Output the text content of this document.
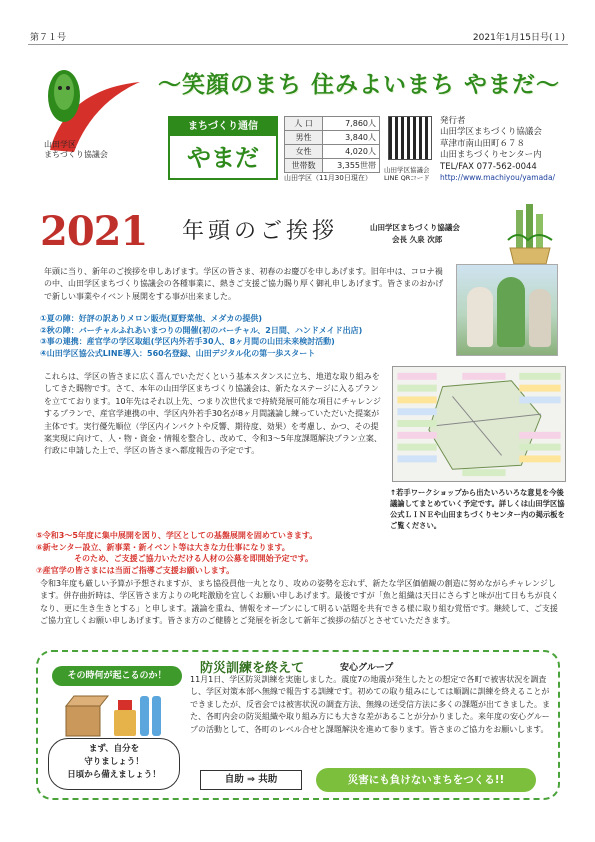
第７１号	2021年1月15日号(１)
山田学区
まちづくり協議会
～笑顔のまち 住みよいまち やまだ～
まちづくり通信
やまだ
人 口	7,860人
男性	3,840人
女性	4,020人
世帯数	3,355世帯
山田学区（11月30日現在）
山田学区協議会
LINE QRコード
発行者
山田学区まちづくり協議会
草津市南山田町６７８
山田まちづくりセンター内
TEL/FAX 077-562-0044
http://www.machiyou/yamada/
2021 年頭のご挨拶	山田学区まちづくり協議会
会長 久泉 次郎
年頭に当り、新年のご挨拶を申しあげます。学区の皆さま、初春のお慶びを申しあげます。旧年中は、コロナ禍の中、山田学区まちづくり協議会の各種事業に、熱きご支援ご協力賜り厚く御礼申しあげます。皆さまのおかげで新しい事業やイベント展開をする事が出来ました。
①夏の陣：好評の訳ありメロン販売(夏野菜他、メダカの提供)
②秋の陣：バーチャルふれあいまつりの開催(初のバーチャル、2日間、ハンドメイド出店)
③事の連携：産官学の学区取組(学区内外若手30人、8ヶ月間の山田未来検討活動)
④山田学区協公式LINE導入：560名登録、山田デジタル化の第一歩スタート
これらは、学区の皆さまに広く喜んでいただくという基本スタンスに立ち、地道な取り組みをしてきた賜物です。さて、本年の山田学区まちづくり協議会は、新たなステージに入るプランを立てております。10年先はそれ以上先、つまり次世代まで持続発展可能な項目にチャレンジするプランで、産官学連携の中、学区内外若手30名が8ヶ月間議論し練っていただいた提案が主体です。実行優先順位（学区内インパクトや反響、期待度、効果）を考慮し、かつ、その提案実現に向けて、人・物・資金・情報を整合し、改めて、令和3～5年度課題解決プラン立案、行政に申請した上で、学区の皆さまへ都度報告の予定です。
↑若手ワークショップから出たいろいろな意見を今後議論してまとめていく予定です。詳しくは山田学区協公式ＬＩＮＥや山田まちづくりセンター内の掲示板をご覧ください。
⑤令和3～5年度に集中展開を図り、学区としての基盤展開を固めていきます。
⑥新センター設立、新事業・新イベント等は大きな力仕事になります。
そのため、ご支援ご協力いただける人材の公募を即開始予定です。
⑦産官学の皆さまには当面ご指導ご支援お願いします。
令和3年度も厳しい予算が予想されますが、まち協役員他一丸となり、攻めの姿勢を忘れず、新たな学区価値観の創造に努めながらチャレンジします。併存曲折時は、学区皆さま方よりの叱咤激励を宜しくお願い申しあげます。最後ですが「魚と組織は天日にさらすと味が出て日もちが良くなり、更に生き生きとする」と申します。議論を重ね、情報をオープンにして明るい話題を共有できる様に取り組む覚悟です。継続して、ご支援ご協力宜しくお願い申しあげます。皆さま方のご健勝とご発展を祈念して新年ご挨拶の結びとさせていただきます。
その時何が起こるのか！	防災訓練を終えて	安心グループ
まず、自分を
守りましょう！
日頃から備えましょう！
11月1日、学区防災訓練を実施しました。震度7の地震が発生したとの想定で各町で被害状況を調査し、学区対策本部へ無線で報告する訓練です。初めての取り組みにしては順調に訓練を終えることができましたが、反省会では被害状況の調査方法、無線の送受信方法に多くの課題が出てきました。また、各町内会の防災組織や取り組み方にも大きな差があることが分かりました。来年度の安心グループの活動として、各町のレベル合せと課題解決を進めて参ります。皆さまのご協力をお願いします。
自助 ⇒ 共助	災害にも負けないまちをつくる!!
